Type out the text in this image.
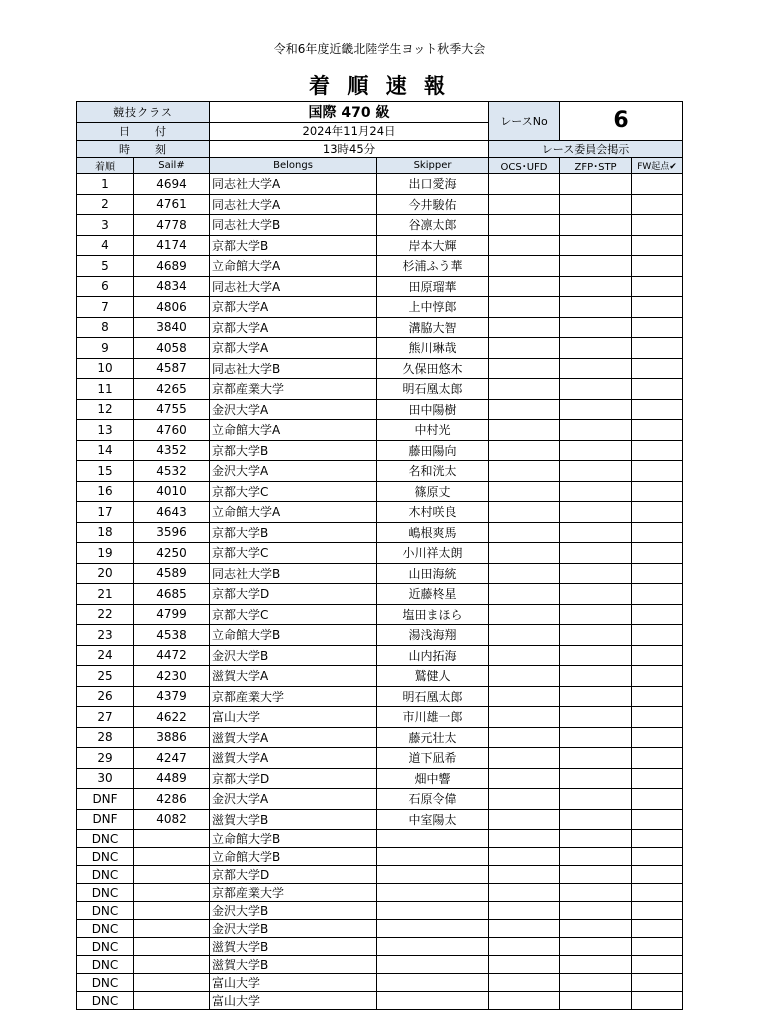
令和6年度近畿北陸学生ヨット秋季大会
着 順 速 報
競技クラス		国際 470 級		レースNo	6	
日　　付		2024年11月24日				
時　　刻		13時45分		レース委員会掲示		
着順	Sail#	Belongs	Skipper	OCS･UFD	ZFP･STP	FW起点✔
1	4694	同志社大学A	出口愛海			
2	4761	同志社大学A	今井駿佑			
3	4778	同志社大学B	谷凛太郎			
4	4174	京都大学B	岸本大輝			
5	4689	立命館大学A	杉浦ふう華			
6	4834	同志社大学A	田原瑠華			
7	4806	京都大学A	上中惇郎			
8	3840	京都大学A	溝脇大智			
9	4058	京都大学A	熊川琳哉			
10	4587	同志社大学B	久保田悠木			
11	4265	京都産業大学	明石凰太郎			
12	4755	金沢大学A	田中陽樹			
13	4760	立命館大学A	中村光			
14	4352	京都大学B	藤田陽向			
15	4532	金沢大学A	名和洸太			
16	4010	京都大学C	篠原丈			
17	4643	立命館大学A	木村咲良			
18	3596	京都大学B	嶋根爽馬			
19	4250	京都大学C	小川祥太朗			
20	4589	同志社大学B	山田海統			
21	4685	京都大学D	近藤柊星			
22	4799	京都大学C	塩田まほら			
23	4538	立命館大学B	湯浅海翔			
24	4472	金沢大学B	山内拓海			
25	4230	滋賀大学A	鷲健人			
26	4379	京都産業大学	明石凰太郎			
27	4622	富山大学	市川雄一郎			
28	3886	滋賀大学A	藤元壮太			
29	4247	滋賀大学A	道下凪希			
30	4489	京都大学D	畑中響			
DNF	4286	金沢大学A	石原令偉			
DNF	4082	滋賀大学B	中室陽太			
DNC		立命館大学B				
DNC		立命館大学B				
DNC		京都大学D				
DNC		京都産業大学				
DNC		金沢大学B				
DNC		金沢大学B				
DNC		滋賀大学B				
DNC		滋賀大学B				
DNC		富山大学				
DNC		富山大学				
